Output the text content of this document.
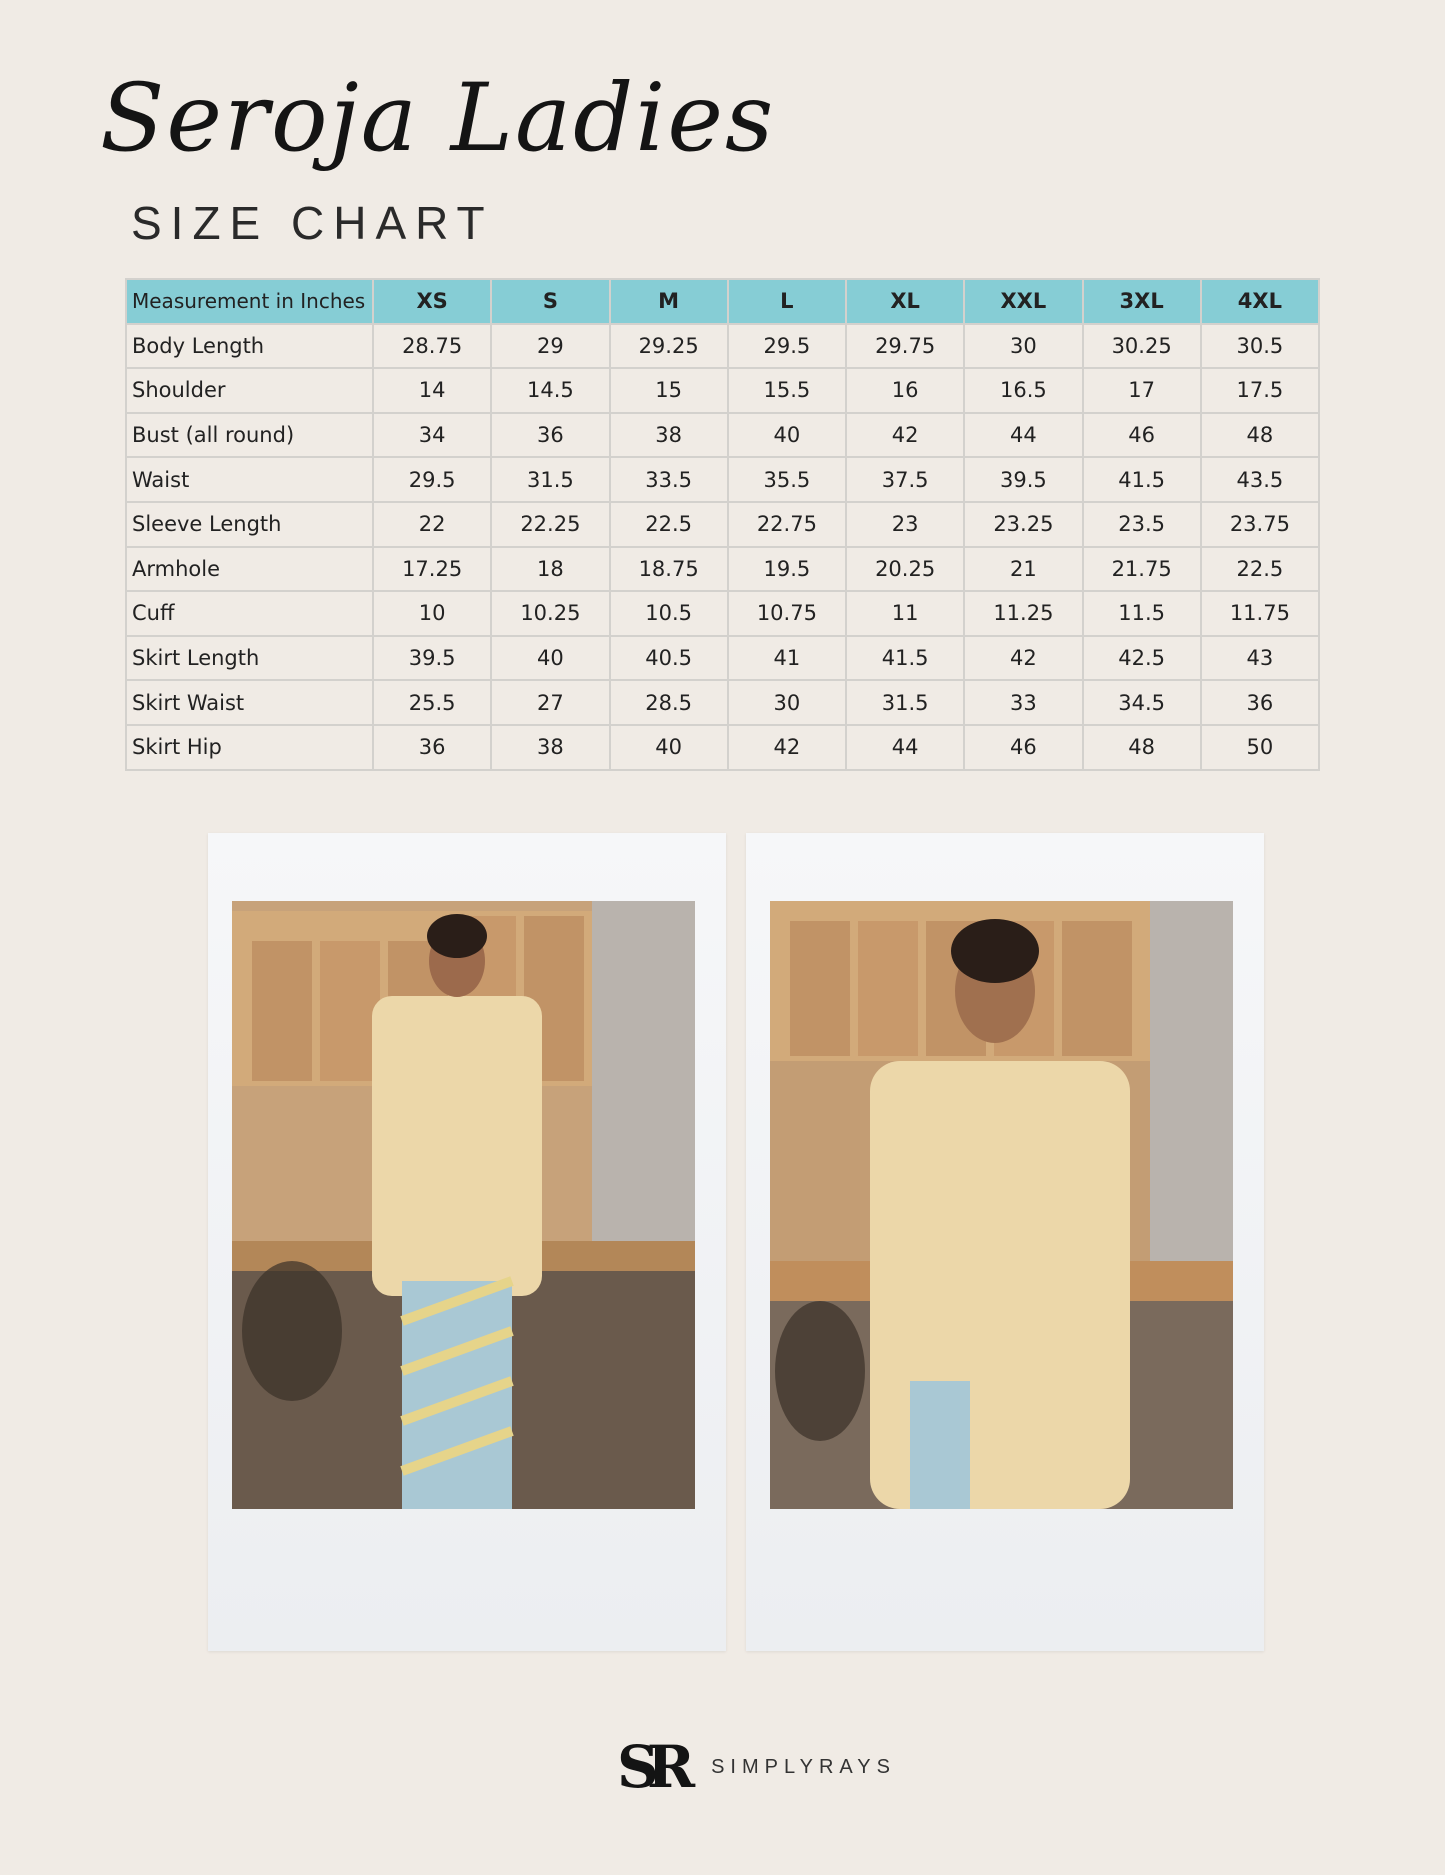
Seroja Ladies
SIZE CHART
Measurement in Inches	XS	S	M	L	XL	XXL	3XL	4XL
Body Length	28.75	29	29.25	29.5	29.75	30	30.25	30.5
Shoulder	14	14.5	15	15.5	16	16.5	17	17.5
Bust (all round)	34	36	38	40	42	44	46	48
Waist	29.5	31.5	33.5	35.5	37.5	39.5	41.5	43.5
Sleeve Length	22	22.25	22.5	22.75	23	23.25	23.5	23.75
Armhole	17.25	18	18.75	19.5	20.25	21	21.75	22.5
Cuff	10	10.25	10.5	10.75	11	11.25	11.5	11.75
Skirt Length	39.5	40	40.5	41	41.5	42	42.5	43
Skirt Waist	25.5	27	28.5	30	31.5	33	34.5	36
Skirt Hip	36	38	40	42	44	46	48	50
SR SIMPLYRAYS
